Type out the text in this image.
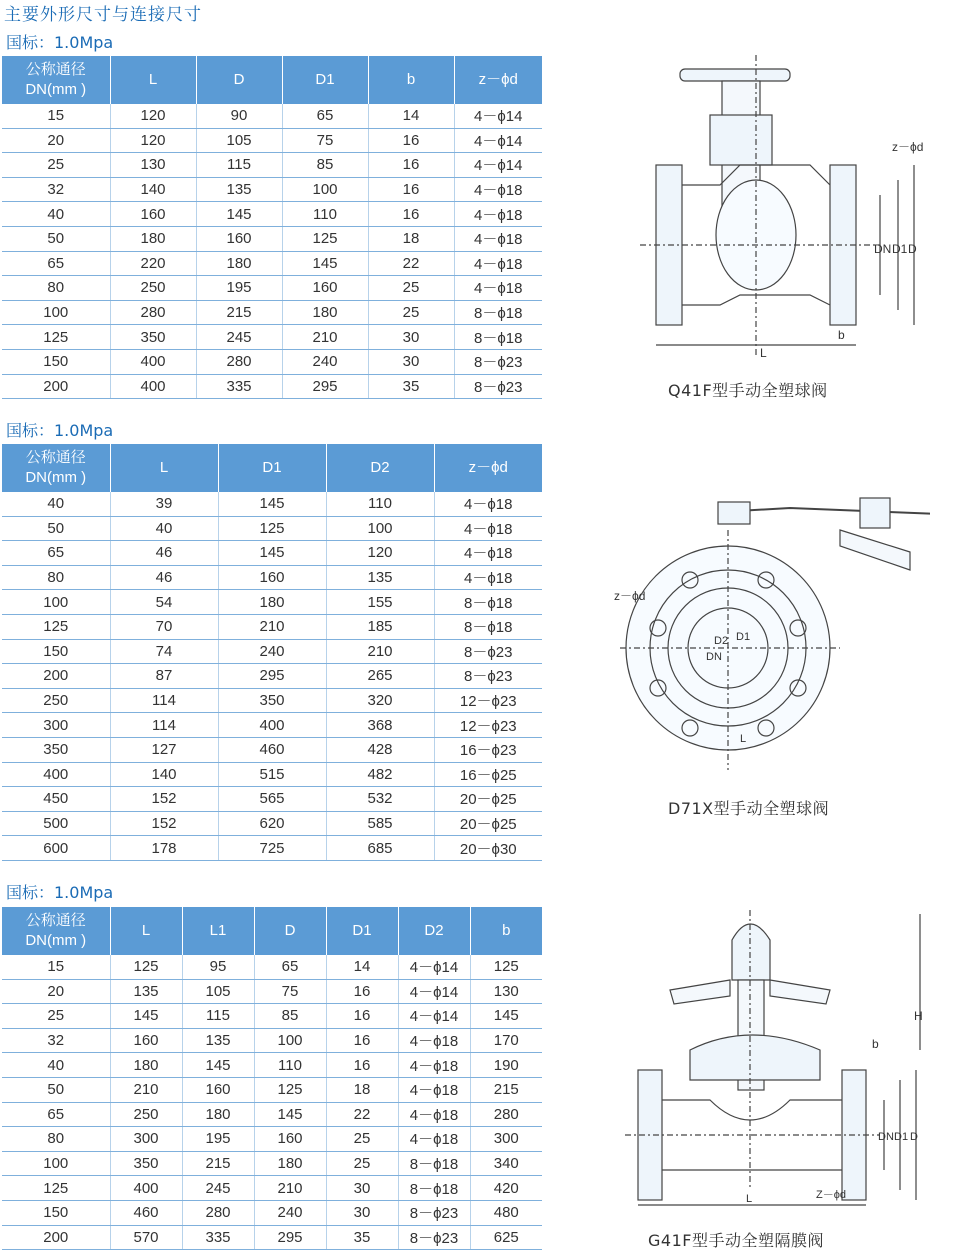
主要外形尺寸与连接尺寸
国标：1.0Mpa
公称通径
DN(mm )	L	D	D1	b	z－ϕd
15	120	90	65	14	4－ϕ14
20	120	105	75	16	4－ϕ14
25	130	115	85	16	4－ϕ14
32	140	135	100	16	4－ϕ18
40	160	145	110	16	4－ϕ18
50	180	160	125	18	4－ϕ18
65	220	180	145	22	4－ϕ18
80	250	195	160	25	4－ϕ18
100	280	215	180	25	8－ϕ18
125	350	245	210	30	8－ϕ18
150	400	280	240	30	8－ϕ23
200	400	335	295	35	8－ϕ23
国标：1.0Mpa
公称通径
DN(mm )	L	D1	D2	z－ϕd
40	39	145	110	4－ϕ18
50	40	125	100	4－ϕ18
65	46	145	120	4－ϕ18
80	46	160	135	4－ϕ18
100	54	180	155	8－ϕ18
125	70	210	185	8－ϕ18
150	74	240	210	8－ϕ23
200	87	295	265	8－ϕ23
250	114	350	320	12－ϕ23
300	114	400	368	12－ϕ23
350	127	460	428	16－ϕ23
400	140	515	482	16－ϕ25
450	152	565	532	20－ϕ25
500	152	620	585	20－ϕ25
600	178	725	685	20－ϕ30
国标：1.0Mpa
公称通径
DN(mm )	L	L1	D	D1	D2	b
15	125	95	65	14	4－ϕ14	125
20	135	105	75	16	4－ϕ14	130
25	145	115	85	16	4－ϕ14	145
32	160	135	100	16	4－ϕ18	170
40	180	145	110	16	4－ϕ18	190
50	210	160	125	18	4－ϕ18	215
65	250	180	145	22	4－ϕ18	280
80	300	195	160	25	4－ϕ18	300
100	350	215	180	25	8－ϕ18	340
125	400	245	210	30	8－ϕ18	420
150	460	280	240	30	8－ϕ23	480
200	570	335	295	35	8－ϕ23	625
z－ϕd
DN D1 D
b
L
Q41F型手动全塑球阀
z－ϕd
D2 D1
DN
L
D71X型手动全塑球阀
H
b
DN D1 D
Z－ϕd
L
G41F型手动全塑隔膜阀
